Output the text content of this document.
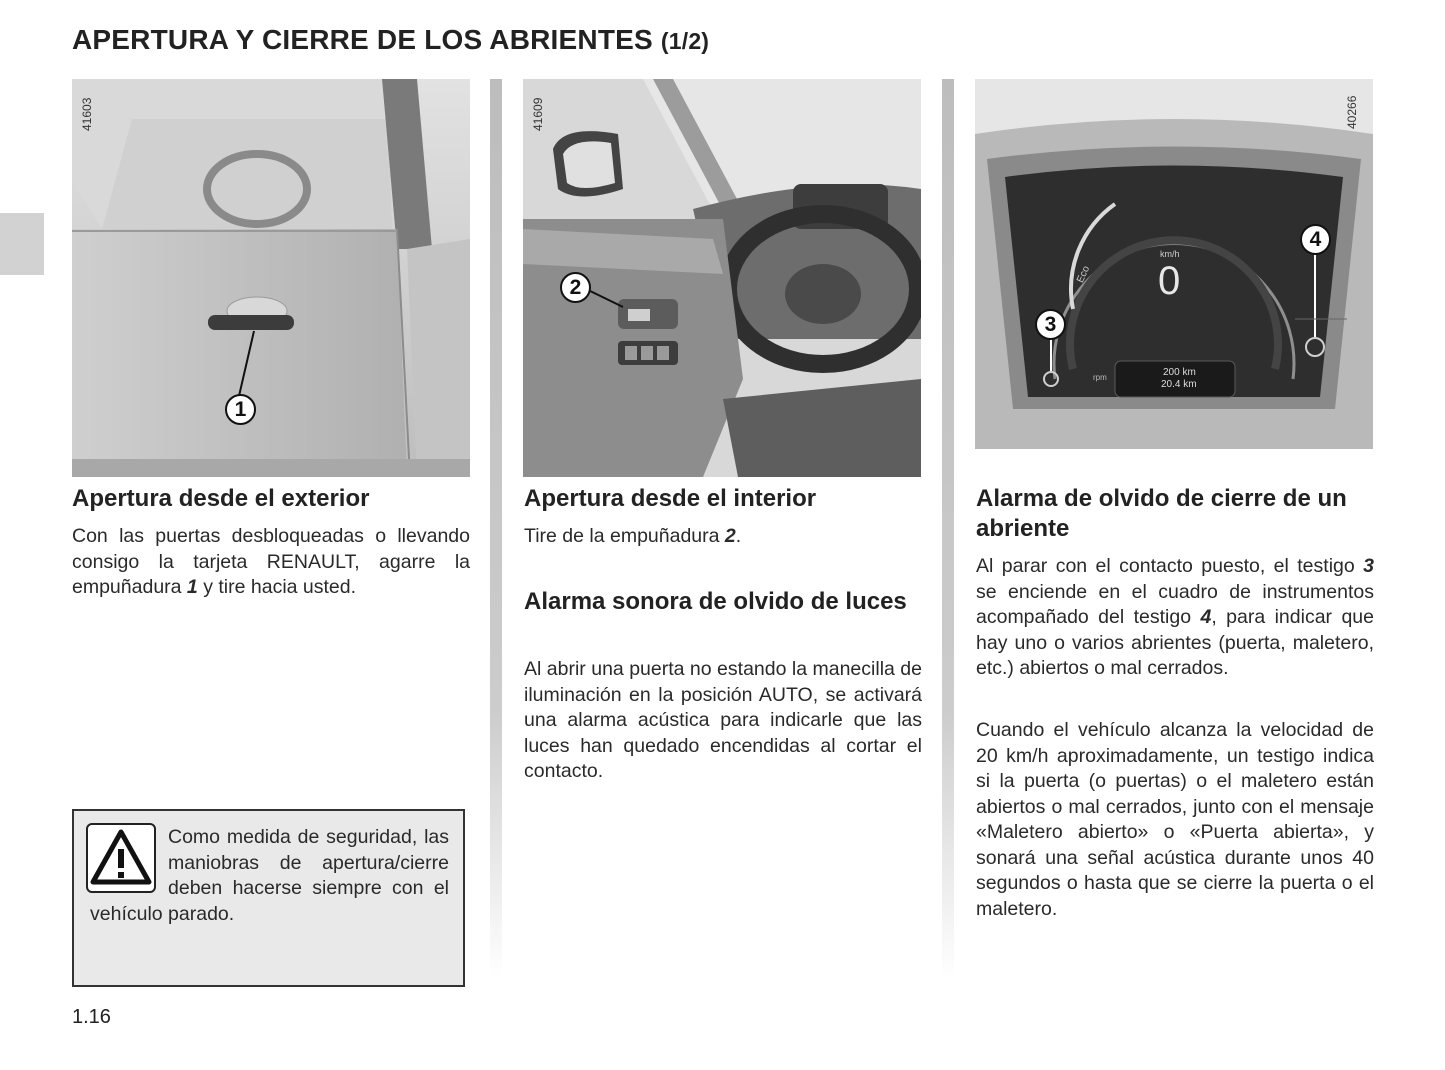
APERTURA Y CIERRE DE LOS ABRIENTES (1/2)
41603
1
41609
2
40266
km/h
0
Eco
rpm	200 km
20.4 km
3
4
Apertura desde el exterior

Con las puertas desbloqueadas o llevando consigo la tarjeta RENAULT, agarre la empuñadura 1 y tire hacia usted.

Como medida de seguridad, las maniobras de apertura/cierre deben hacerse siempre con el vehículo parado.
Apertura desde el interior

Tire de la empuñadura 2.

Alarma sonora de olvido de luces

Al abrir una puerta no estando la manecilla de iluminación en la posición AUTO, se activará una alarma acústica para indicarle que las luces han quedado encendidas al cortar el contacto.

Alarma de olvido de cierre de un abriente

Al parar con el contacto puesto, el testigo 3 se enciende en el cuadro de instrumentos acompañado del testigo 4, para indicar que hay uno o varios abrientes (puerta, maletero, etc.) abiertos o mal cerrados.

Cuando el vehículo alcanza la velocidad de 20 km/h aproximadamente, un testigo indica si la puerta (o puertas) o el maletero están abiertos o mal cerrados, junto con el mensaje «Maletero abierto» o «Puerta abierta», y sonará una señal acústica durante unos 40 segundos o hasta que se cierre la puerta o el maletero.

1.16
